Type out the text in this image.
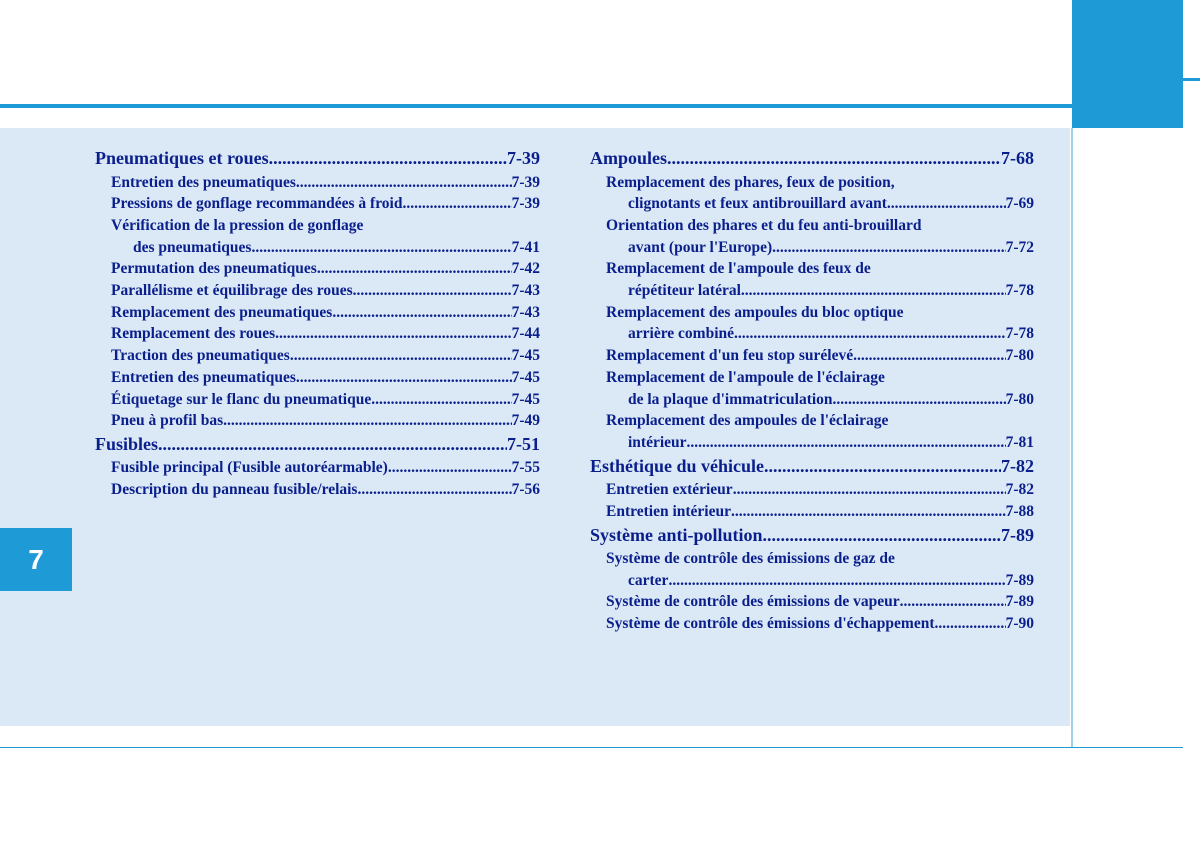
7
Pneumatiques et roues .....	7-39
Entretien des pneumatiques .....	7-39
Pressions de gonflage recommandées à froid .....	7-39
Vérification de la pression de gonflage
des pneumatiques .....	7-41
Permutation des pneumatiques .....	7-42
Parallélisme et équilibrage des roues .....	7-43
Remplacement des pneumatiques .....	7-43
Remplacement des roues .....	7-44
Traction des pneumatiques .....	7-45
Entretien des pneumatiques .....	7-45
Étiquetage sur le flanc du pneumatique .....	7-45
Pneu à profil bas .....	7-49
Fusibles .....	7-51
Fusible principal (Fusible autoréarmable) .....	7-55
Description du panneau fusible/relais .....	7-56
Ampoules .....	7-68
Remplacement des phares, feux de position,
clignotants et feux antibrouillard avant .....	7-69
Orientation des phares et du feu anti-brouillard
avant (pour l'Europe) .....	7-72
Remplacement de l'ampoule des feux de
répétiteur latéral .....	7-78
Remplacement des ampoules du bloc optique
arrière combiné .....	7-78
Remplacement d'un feu stop surélevé .....	7-80
Remplacement de l'ampoule de l'éclairage
de la plaque d'immatriculation .....	7-80
Remplacement des ampoules de l'éclairage
intérieur .....	7-81
Esthétique du véhicule .....	7-82
Entretien extérieur .....	7-82
Entretien intérieur .....	7-88
Système anti-pollution .....	7-89
Système de contrôle des émissions de gaz de
carter .....	7-89
Système de contrôle des émissions de vapeur .....	7-89
Système de contrôle des émissions d'échappement .....	7-90
